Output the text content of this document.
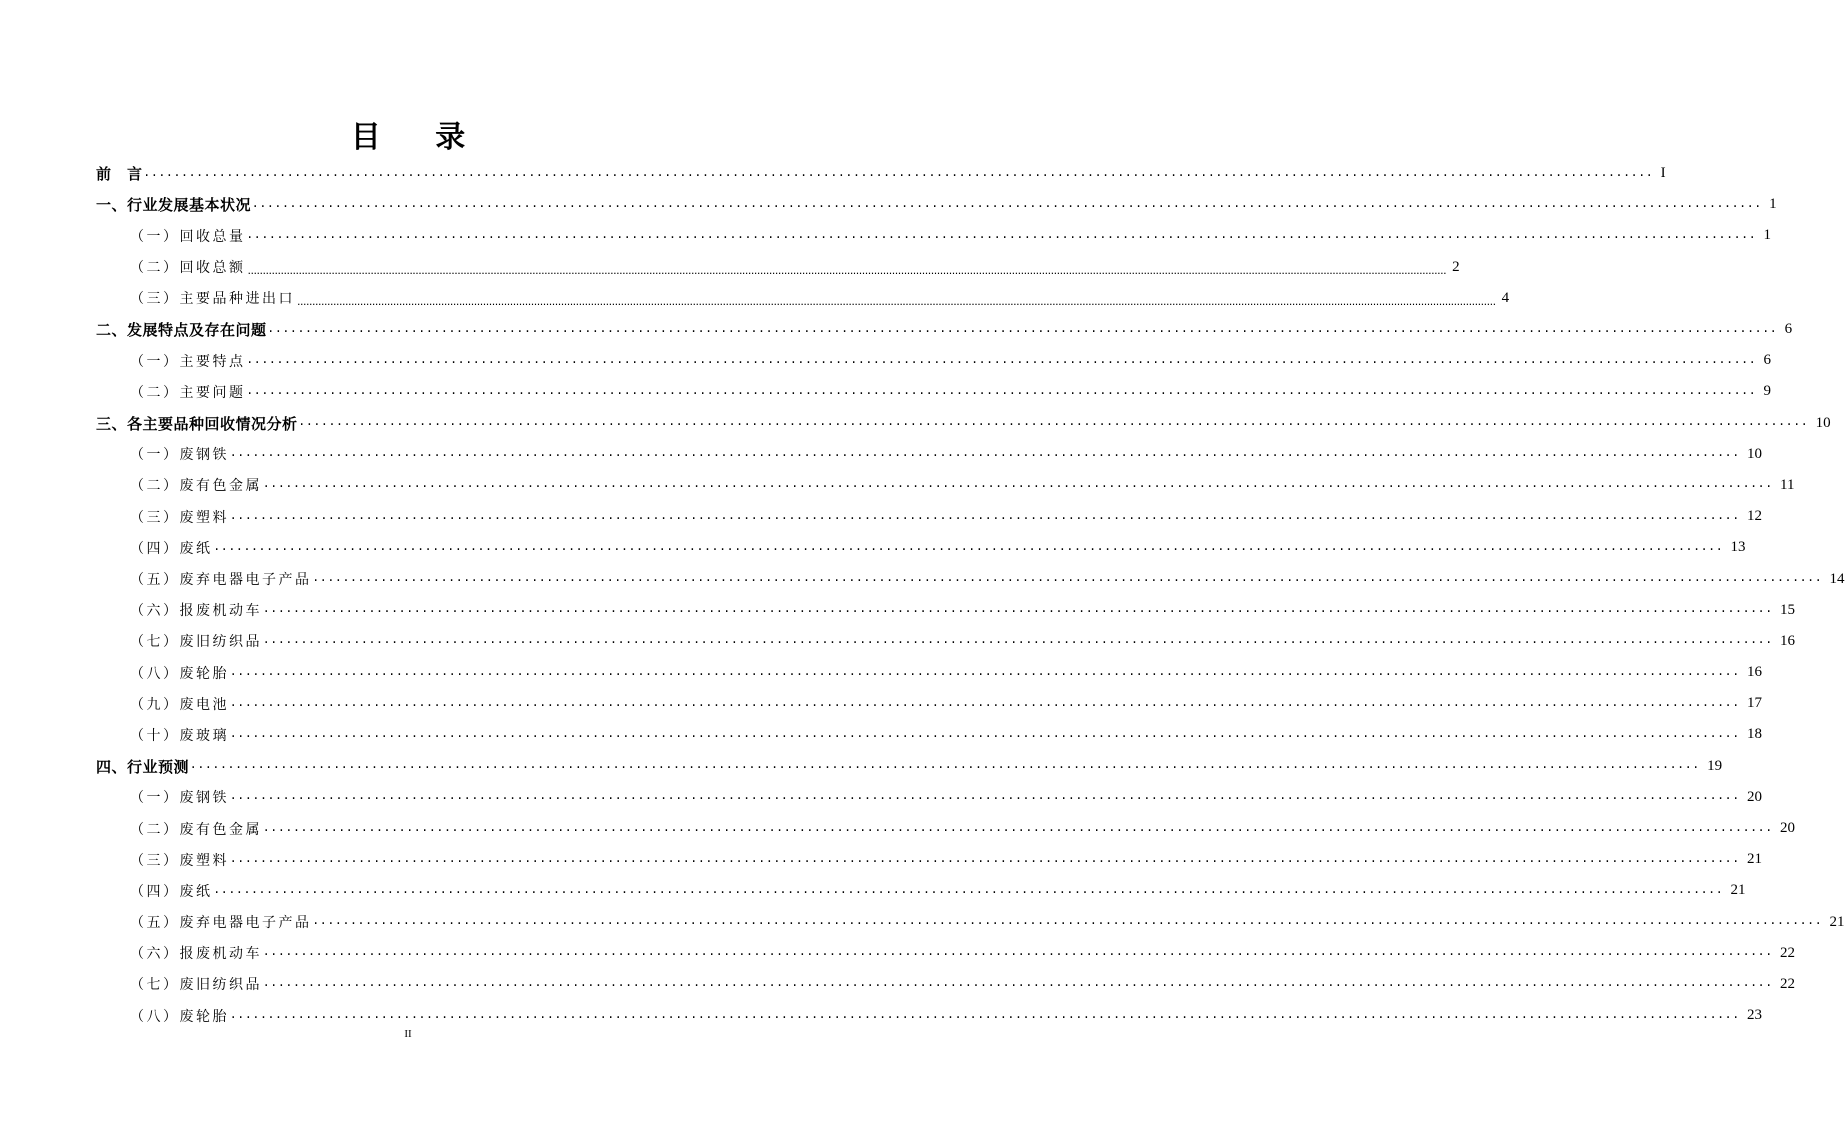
目 录
前　言 ········································································································································································································ I
一、行业发展基本状况 ········································································································································································································ 1
（一）回收总量 ········································································································································································································ 1
（二）回收总额 ................................................................................................................................................................................................................................................................................................................................................................................................................ 2
（三）主要品种进出口 ................................................................................................................................................................................................................................................................................................................................................................................................................ 4
二、发展特点及存在问题 ········································································································································································································ 6
（一）主要特点 ········································································································································································································ 6
（二）主要问题 ········································································································································································································ 9
三、各主要品种回收情况分析 ········································································································································································································ 10
（一）废钢铁 ········································································································································································································ 10
（二）废有色金属 ········································································································································································································ 11
（三）废塑料 ········································································································································································································ 12
（四）废纸 ········································································································································································································ 13
（五）废弃电器电子产品 ········································································································································································································ 14
（六）报废机动车 ········································································································································································································ 15
（七）废旧纺织品 ········································································································································································································ 16
（八）废轮胎 ········································································································································································································ 16
（九）废电池 ········································································································································································································ 17
（十）废玻璃 ········································································································································································································ 18
四、行业预测 ········································································································································································································ 19
（一）废钢铁 ········································································································································································································ 20
（二）废有色金属 ········································································································································································································ 20
（三）废塑料 ········································································································································································································ 21
（四）废纸 ········································································································································································································ 21
（五）废弃电器电子产品 ········································································································································································································ 21
（六）报废机动车 ········································································································································································································ 22
（七）废旧纺织品 ········································································································································································································ 22
（八）废轮胎 ········································································································································································································ 23
II
